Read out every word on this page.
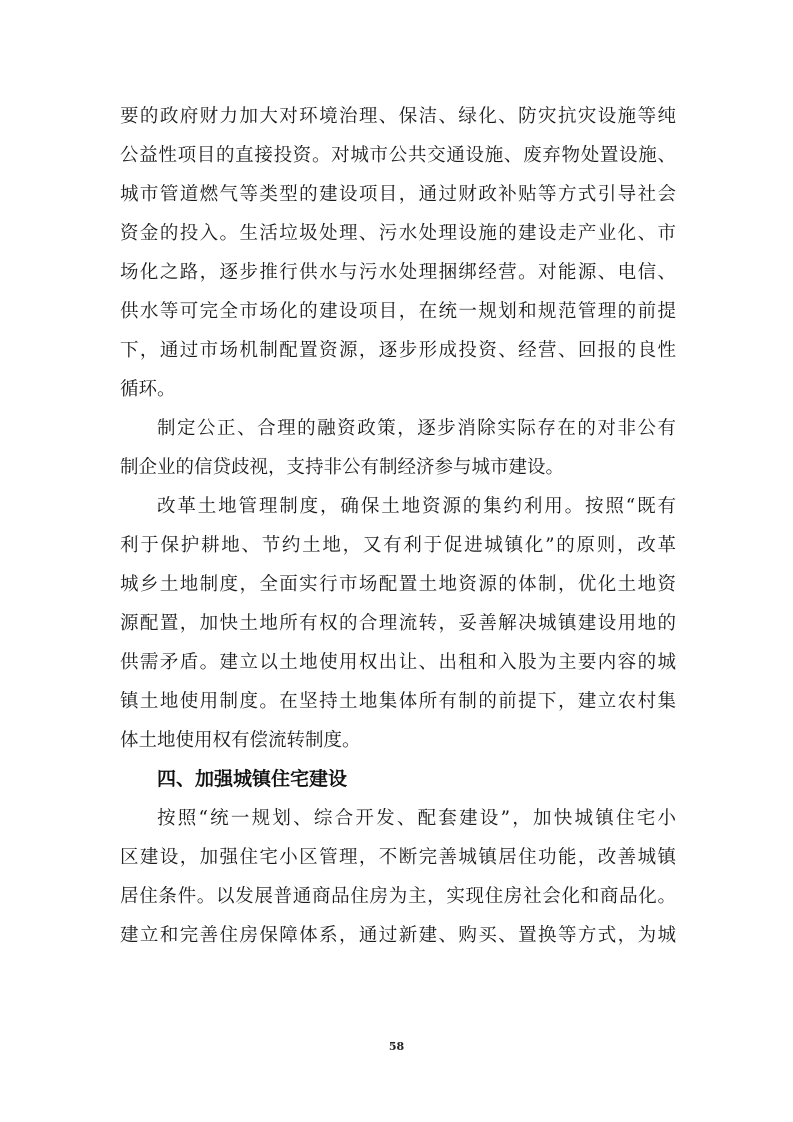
要的政府财力加大对环境治理、保洁、绿化、防灾抗灾设施等纯
公益性项目的直接投资。对城市公共交通设施、废弃物处置设施、
城市管道燃气等类型的建设项目，通过财政补贴等方式引导社会
资金的投入。生活垃圾处理、污水处理设施的建设走产业化、市
场化之路，逐步推行供水与污水处理捆绑经营。对能源、电信、
供水等可完全市场化的建设项目，在统一规划和规范管理的前提
下，通过市场机制配置资源，逐步形成投资、经营、回报的良性
循环。
制定公正、合理的融资政策，逐步消除实际存在的对非公有
制企业的信贷歧视，支持非公有制经济参与城市建设。
改革土地管理制度，确保土地资源的集约利用。按照“既有
利于保护耕地、节约土地，又有利于促进城镇化”的原则，改革
城乡土地制度，全面实行市场配置土地资源的体制，优化土地资
源配置，加快土地所有权的合理流转，妥善解决城镇建设用地的
供需矛盾。建立以土地使用权出让、出租和入股为主要内容的城
镇土地使用制度。在坚持土地集体所有制的前提下，建立农村集
体土地使用权有偿流转制度。
四、加强城镇住宅建设
按照“统一规划、综合开发、配套建设”，加快城镇住宅小
区建设，加强住宅小区管理，不断完善城镇居住功能，改善城镇
居住条件。以发展普通商品住房为主，实现住房社会化和商品化。
建立和完善住房保障体系，通过新建、购买、置换等方式，为城
58
